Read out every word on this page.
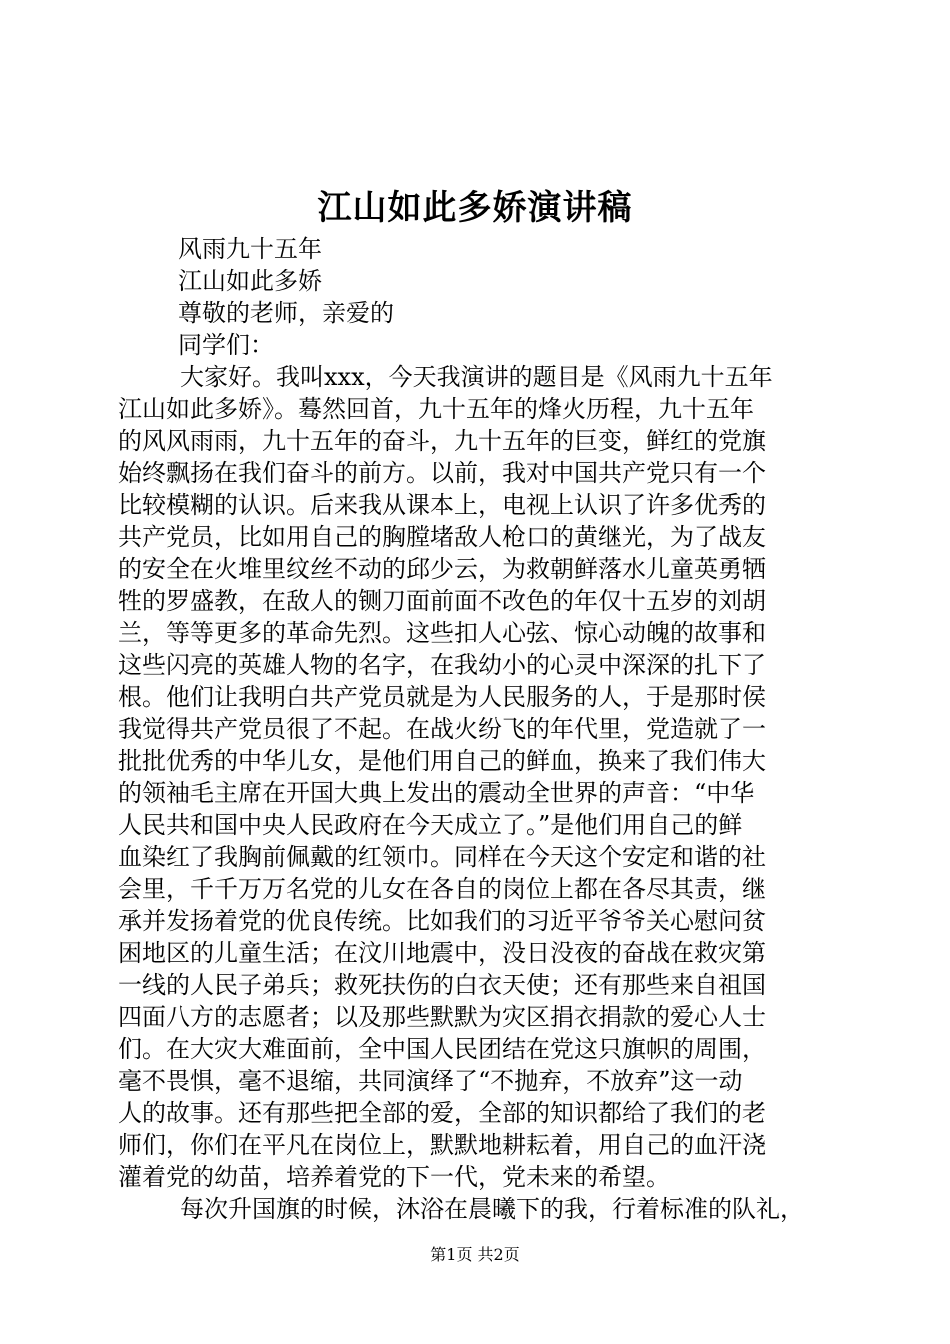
江山如此多娇演讲稿
风雨九十五年
江山如此多娇
尊敬的老师，亲爱的
同学们：
大家好。我叫xxx，今天我演讲的题目是《风雨九十五年
江山如此多娇》。蓦然回首，九十五年的烽火历程，九十五年
的风风雨雨，九十五年的奋斗，九十五年的巨变，鲜红的党旗
始终飘扬在我们奋斗的前方。以前，我对中国共产党只有一个
比较模糊的认识。后来我从课本上，电视上认识了许多优秀的
共产党员，比如用自己的胸膛堵敌人枪口的黄继光，为了战友
的安全在火堆里纹丝不动的邱少云，为救朝鲜落水儿童英勇牺
牲的罗盛教，在敌人的铡刀面前面不改色的年仅十五岁的刘胡
兰，等等更多的革命先烈。这些扣人心弦、惊心动魄的故事和
这些闪亮的英雄人物的名字，在我幼小的心灵中深深的扎下了
根。他们让我明白共产党员就是为人民服务的人，于是那时侯
我觉得共产党员很了不起。在战火纷飞的年代里，党造就了一
批批优秀的中华儿女，是他们用自己的鲜血，换来了我们伟大
的领袖毛主席在开国大典上发出的震动全世界的声音：“中华
人民共和国中央人民政府在今天成立了。”是他们用自己的鲜
血染红了我胸前佩戴的红领巾。同样在今天这个安定和谐的社
会里，千千万万名党的儿女在各自的岗位上都在各尽其责，继
承并发扬着党的优良传统。比如我们的习近平爷爷关心慰问贫
困地区的儿童生活；在汶川地震中，没日没夜的奋战在救灾第
一线的人民子弟兵；救死扶伤的白衣天使；还有那些来自祖国
四面八方的志愿者；以及那些默默为灾区捐衣捐款的爱心人士
们。在大灾大难面前，全中国人民团结在党这只旗帜的周围，
毫不畏惧，毫不退缩，共同演绎了“不抛弃，不放弃”这一动
人的故事。还有那些把全部的爱，全部的知识都给了我们的老
师们，你们在平凡在岗位上，默默地耕耘着，用自己的血汗浇
灌着党的幼苗，培养着党的下一代，党未来的希望。
每次升国旗的时候，沐浴在晨曦下的我，行着标准的队礼，
第1页 共2页
